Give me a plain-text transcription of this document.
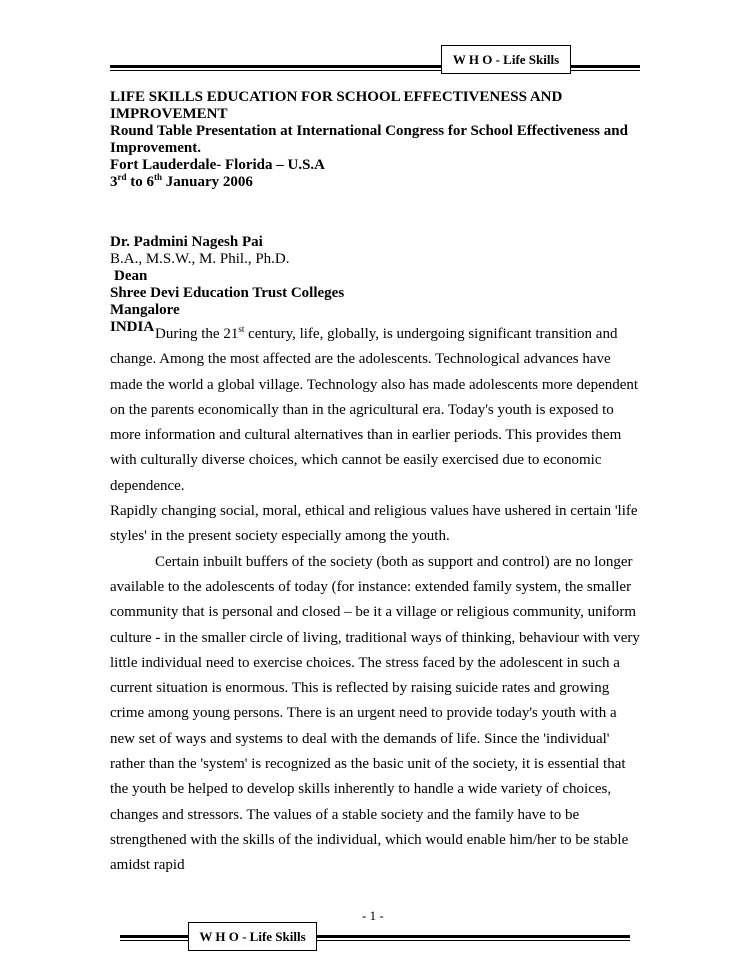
W H O - Life Skills
LIFE SKILLS EDUCATION FOR SCHOOL EFFECTIVENESS AND IMPROVEMENT
Round Table Presentation at International Congress for School Effectiveness and Improvement.
Fort Lauderdale- Florida – U.S.A
3rd to 6th January 2006
Dr. Padmini Nagesh Pai
B.A., M.S.W., M. Phil., Ph.D.
Dean
Shree Devi Education Trust Colleges
Mangalore
INDIA During the 21st century, life, globally, is undergoing significant transition and change. Among the most affected are the adolescents. Technological advances have made the world a global village. Technology also has made adolescents more dependent on the parents economically than in the agricultural era. Today's youth is exposed to more information and cultural alternatives than in earlier periods. This provides them with culturally diverse choices, which cannot be easily exercised due to economic dependence.

Rapidly changing social, moral, ethical and religious values have ushered in certain 'life styles' in the present society especially among the youth.

Certain inbuilt buffers of the society (both as support and control) are no longer available to the adolescents of today (for instance: extended family system, the smaller community that is personal and closed – be it a village or religious community, uniform culture - in the smaller circle of living, traditional ways of thinking, behaviour with very little individual need to exercise choices. The stress faced by the adolescent in such a current situation is enormous. This is reflected by raising suicide rates and growing crime among young persons. There is an urgent need to provide today's youth with a new set of ways and systems to deal with the demands of life. Since the 'individual' rather than the 'system' is recognized as the basic unit of the society, it is essential that the youth be helped to develop skills inherently to handle a wide variety of choices, changes and stressors. The values of a stable society and the family have to be strengthened with the skills of the individual, which would enable him/her to be stable amidst rapid

- 1 -
W H O - Life Skills
